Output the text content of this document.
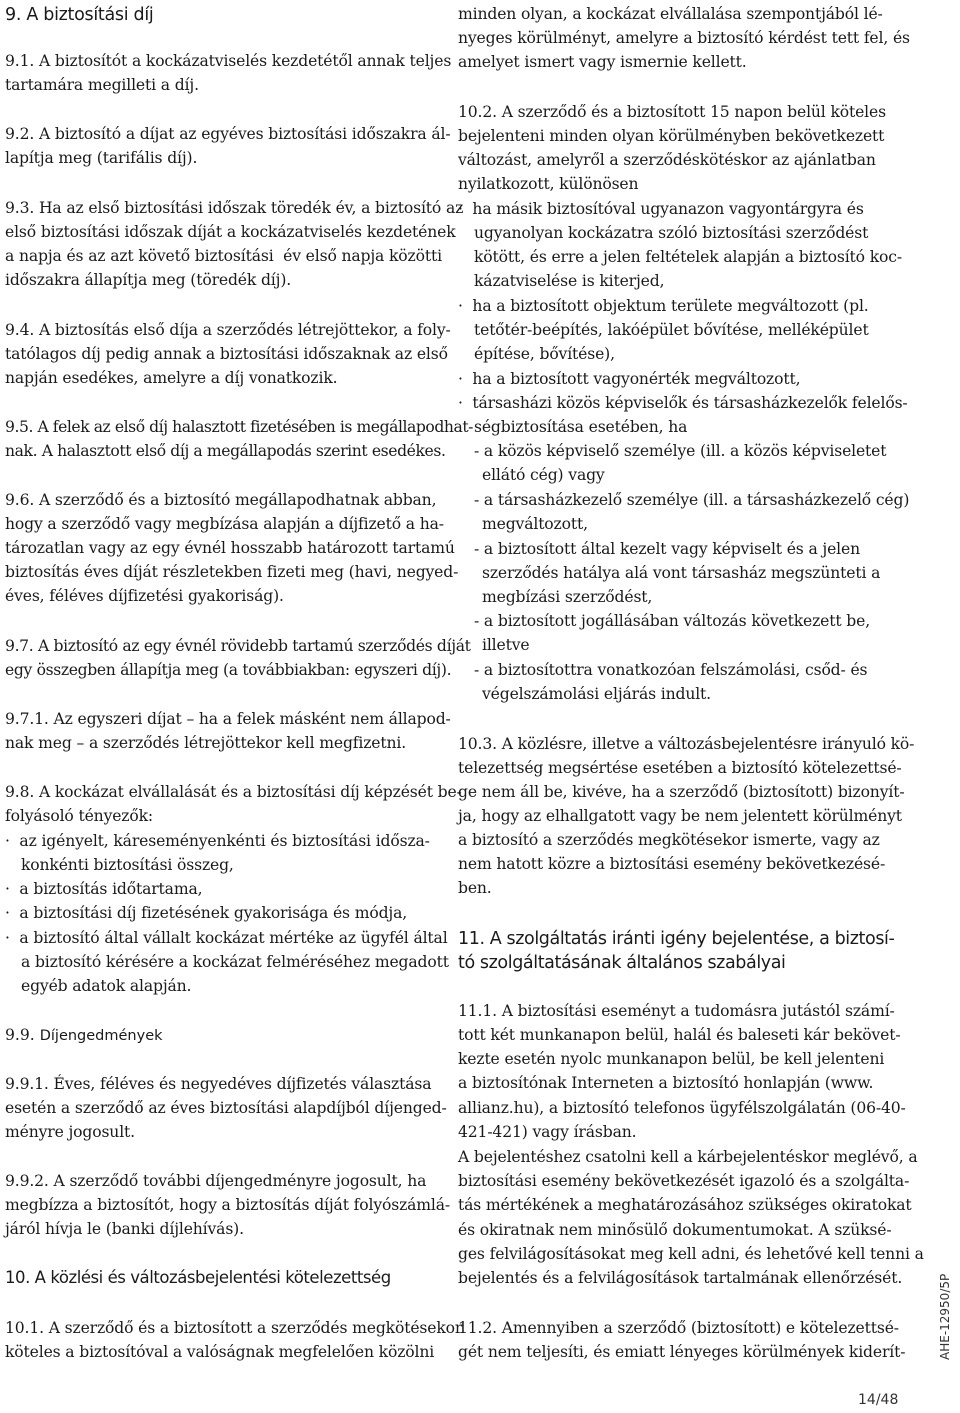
9. A biztosítási díj
9.1. A biztosítót a kockázatviselés kezdetétől annak teljes
tartamára megilleti a díj.
9.2. A biztosító a díjat az egyéves biztosítási időszakra ál-
lapítja meg (tarifális díj).
9.3. Ha az első biztosítási időszak töredék év, a biztosító az
első biztosítási időszak díját a kockázatviselés kezdetének
a napja és az azt követő biztosítási  év első napja közötti
időszakra állapítja meg (töredék díj).
9.4. A biztosítás első díja a szerződés létrejöttekor, a foly-
tatólagos díj pedig annak a biztosítási időszaknak az első
napján esedékes, amelyre a díj vonatkozik.
9.5. A felek az első díj halasztott fizetésében is megállapodhat-
nak. A halasztott első díj a megállapodás szerint esedékes.
9.6. A szerződő és a biztosító megállapodhatnak abban,
hogy a szerződő vagy megbízása alapján a díjfizető a ha-
tározatlan vagy az egy évnél hosszabb határozott tartamú
biztosítás éves díját részletekben fizeti meg (havi, negyed-
éves, féléves díjfizetési gyakoriság).
9.7. A biztosító az egy évnél rövidebb tartamú szerződés díját
egy összegben állapítja meg (a továbbiakban: egyszeri díj).
9.7.1. Az egyszeri díjat – ha a felek másként nem állapod-
nak meg – a szerződés létrejöttekor kell megfizetni.
9.8. A kockázat elvállalását és a biztosítási díj képzését be-
folyásoló tényezők:
·  az igényelt, káreseményenkénti és biztosítási idősza-
konkénti biztosítási összeg,
·  a biztosítás időtartama,
·  a biztosítási díj fizetésének gyakorisága és módja,
·  a biztosító által vállalt kockázat mértéke az ügyfél által
a biztosító kérésére a kockázat felméréséhez megadott
egyéb adatok alapján.
9.9. Díjengedmények
9.9.1. Éves, féléves és negyedéves díjfizetés választása
esetén a szerződő az éves biztosítási alapdíjból díjenged-
ményre jogosult.
9.9.2. A szerződő további díjengedményre jogosult, ha
megbízza a biztosítót, hogy a biztosítás díját folyószámlá-
járól hívja le (banki díjlehívás).
10. A közlési és változásbejelentési kötelezettség
10.1. A szerződő és a biztosított a szerződés megkötésekor
köteles a biztosítóval a valóságnak megfelelően közölni
minden olyan, a kockázat elvállalása szempontjából lé-
nyeges körülményt, amelyre a biztosító kérdést tett fel, és
amelyet ismert vagy ismernie kellett.
10.2. A szerződő és a biztosított 15 napon belül köteles
bejelenteni minden olyan körülményben bekövetkezett
változást, amelyről a szerződéskötéskor az ajánlatban
nyilatkozott, különösen
·  ha másik biztosítóval ugyanazon vagyontárgyra és
ugyanolyan kockázatra szóló biztosítási szerződést
kötött, és erre a jelen feltételek alapján a biztosító koc-
kázatviselése is kiterjed,
·  ha a biztosított objektum területe megváltozott (pl.
tetőtér-beépítés, lakóépület bővítése, melléképület
építése, bővítése),
·  ha a biztosított vagyonérték megváltozott,
·  társasházi közös képviselők és társasházkezelők felelős-
ségbiztosítása esetében, ha
- a közös képviselő személye (ill. a közös képviseletet
ellátó cég) vagy
- a társasházkezelő személye (ill. a társasházkezelő cég)
megváltozott,
- a biztosított által kezelt vagy képviselt és a jelen
szerződés hatálya alá vont társasház megszünteti a
megbízási szerződést,
- a biztosított jogállásában változás következett be,
illetve
- a biztosítottra vonatkozóan felszámolási, csőd- és
végelszámolási eljárás indult.
10.3. A közlésre, illetve a változásbejelentésre irányuló kö-
telezettség megsértése esetében a biztosító kötelezettsé-
ge nem áll be, kivéve, ha a szerződő (biztosított) bizonyít-
ja, hogy az elhallgatott vagy be nem jelentett körülményt
a biztosító a szerződés megkötésekor ismerte, vagy az
nem hatott közre a biztosítási esemény bekövetkezésé-
ben.
11. A szolgáltatás iránti igény bejelentése, a biztosí-
tó szolgáltatásának általános szabályai
11.1. A biztosítási eseményt a tudomásra jutástól számí-
tott két munkanapon belül, halál és baleseti kár bekövet-
kezte esetén nyolc munkanapon belül, be kell jelenteni
a biztosítónak Interneten a biztosító honlapján (www.
allianz.hu), a biztosító telefonos ügyfélszolgálatán (06-40-
421-421) vagy írásban.
A bejelentéshez csatolni kell a kárbejelentéskor meglévő, a
biztosítási esemény bekövetkezését igazoló és a szolgálta-
tás mértékének a meghatározásához szükséges okiratokat
és okiratnak nem minősülő dokumentumokat. A szüksé-
ges felvilágosításokat meg kell adni, és lehetővé kell tenni a
bejelentés és a felvilágosítások tartalmának ellenőrzését.
11.2. Amennyiben a szerződő (biztosított) e kötelezettsé-
gét nem teljesíti, és emiatt lényeges körülmények kiderít-	AHE-12950/5P
14/48
